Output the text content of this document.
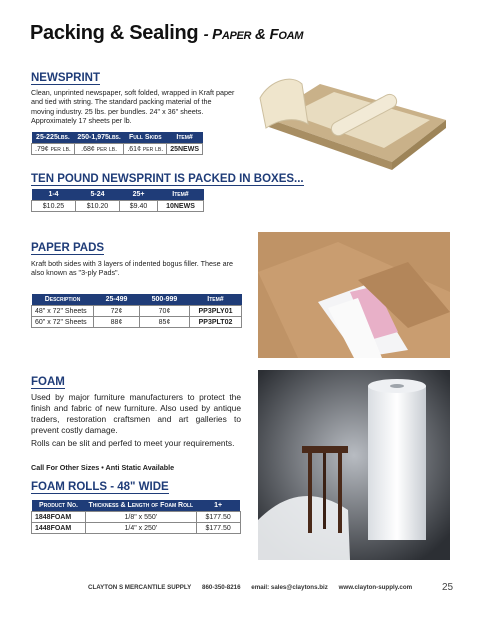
Packing & Sealing - Paper & Foam
NEWSPRINT
Clean, unprinted newspaper, soft folded, wrapped in Kraft paper and tied with string. The standard packing material of the moving industry. 25 lbs. per bundles. 24" x 36" sheets. Approximately 17 sheets per lb.
25-225lbs.	250-1,975lbs.	Full Skids	Item#
.79¢ per lb.	.68¢ per lb.	.61¢ per lb.	25NEWS
TEN POUND NEWSPRINT IS PACKED IN BOXES...
1-4	5-24	25+	Item#
$10.25	$10.20	$9.40	10NEWS
PAPER PADS
Kraft both sides with 3 layers of indented bogus filler. These are also known as "3-ply Pads".
Description	25-499	500-999	Item#
48" x 72" Sheets	72¢	70¢	PP3PLY01
60" x 72" Sheets	88¢	85¢	PP3PLT02
FOAM
Used by major furniture manufacturers to protect the finish and fabric of new furniture. Also used by antique traders, restoration craftsmen and art galleries to prevent costly damage.
Rolls can be slit and perfed to meet your requirements.
Call For Other Sizes • Anti Static Available
FOAM ROLLS - 48" WIDE
Product No.	Thickness & Length of Foam Roll	1+
1848FOAM	1/8" x 550'	$177.50
1448FOAM	1/4" x 250'	$177.50
CLAYTON S MERCANTILE SUPPLY 860-350-8216 email: sales@claytons.biz www.clayton-supply.com	25
